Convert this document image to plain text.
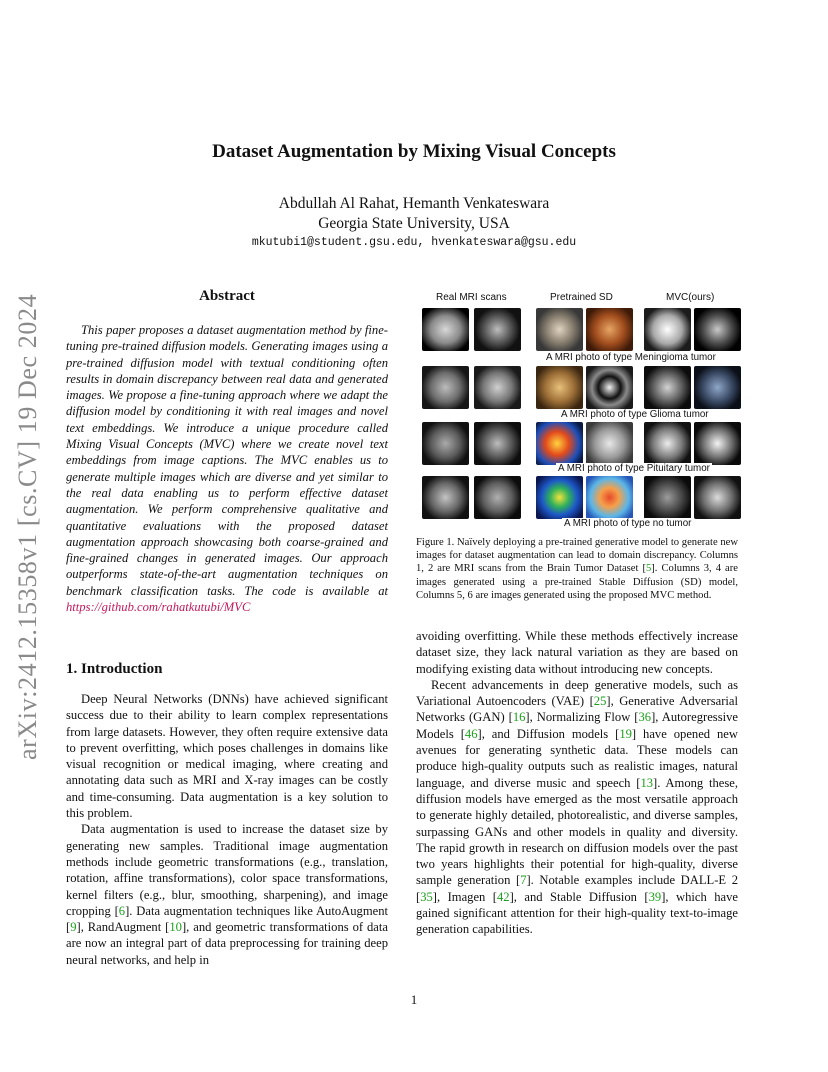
arXiv:2412.15358v1 [cs.CV] 19 Dec 2024
Dataset Augmentation by Mixing Visual Concepts
Abdullah Al Rahat, Hemanth Venkateswara
Georgia State University, USA
mkutubi1@student.gsu.edu, hvenkateswara@gsu.edu
Abstract

This paper proposes a dataset augmentation method by fine-tuning pre-trained diffusion models. Generating images using a pre-trained diffusion model with textual conditioning often results in domain discrepancy between real data and generated images. We propose a fine-tuning approach where we adapt the diffusion model by conditioning it with real images and novel text embeddings. We introduce a unique procedure called Mixing Visual Concepts (MVC) where we create novel text embeddings from image captions. The MVC enables us to generate multiple images which are diverse and yet similar to the real data enabling us to perform effective dataset augmentation. We perform comprehensive qualitative and quantitative evaluations with the proposed dataset augmentation approach showcasing both coarse-grained and fine-grained changes in generated images. Our approach outperforms state-of-the-art augmentation techniques on benchmark classification tasks. The code is available at https://github.com/rahatkutubi/MVC

1. Introduction

Deep Neural Networks (DNNs) have achieved significant success due to their ability to learn complex representations from large datasets. However, they often require extensive data to prevent overfitting, which poses challenges in domains like visual recognition or medical imaging, where creating and annotating data such as MRI and X-ray images can be costly and time-consuming. Data augmentation is a key solution to this problem.

Data augmentation is used to increase the dataset size by generating new samples. Traditional image augmentation methods include geometric transformations (e.g., translation, rotation, affine transformations), color space transformations, kernel filters (e.g., blur, smoothing, sharpening), and image cropping [6]. Data augmentation techniques like AutoAugment [9], RandAugment [10], and geometric transformations of data are now an integral part of data preprocessing for training deep neural networks, and help in

Real MRI scans	Pretrained SD	MVC(ours)
A MRI photo of type Meningioma tumor
A MRI photo of type Glioma tumor
A MRI photo of type Pituitary tumor
A MRI photo of type no tumor

Figure 1. Naïvely deploying a pre-trained generative model to generate new images for dataset augmentation can lead to domain discrepancy. Columns 1, 2 are MRI scans from the Brain Tumor Dataset [5]. Columns 3, 4 are images generated using a pre-trained Stable Diffusion (SD) model, Columns 5, 6 are images generated using the proposed MVC method.

avoiding overfitting. While these methods effectively increase dataset size, they lack natural variation as they are based on modifying existing data without introducing new concepts.

Recent advancements in deep generative models, such as Variational Autoencoders (VAE) [25], Generative Adversarial Networks (GAN) [16], Normalizing Flow [36], Autoregressive Models [46], and Diffusion models [19] have opened new avenues for generating synthetic data. These models can produce high-quality outputs such as realistic images, natural language, and diverse music and speech [13]. Among these, diffusion models have emerged as the most versatile approach to generate highly detailed, photorealistic, and diverse samples, surpassing GANs and other models in quality and diversity. The rapid growth in research on diffusion models over the past two years highlights their potential for high-quality, diverse sample generation [7]. Notable examples include DALL-E 2 [35], Imagen [42], and Stable Diffusion [39], which have gained significant attention for their high-quality text-to-image generation capabilities.

1
